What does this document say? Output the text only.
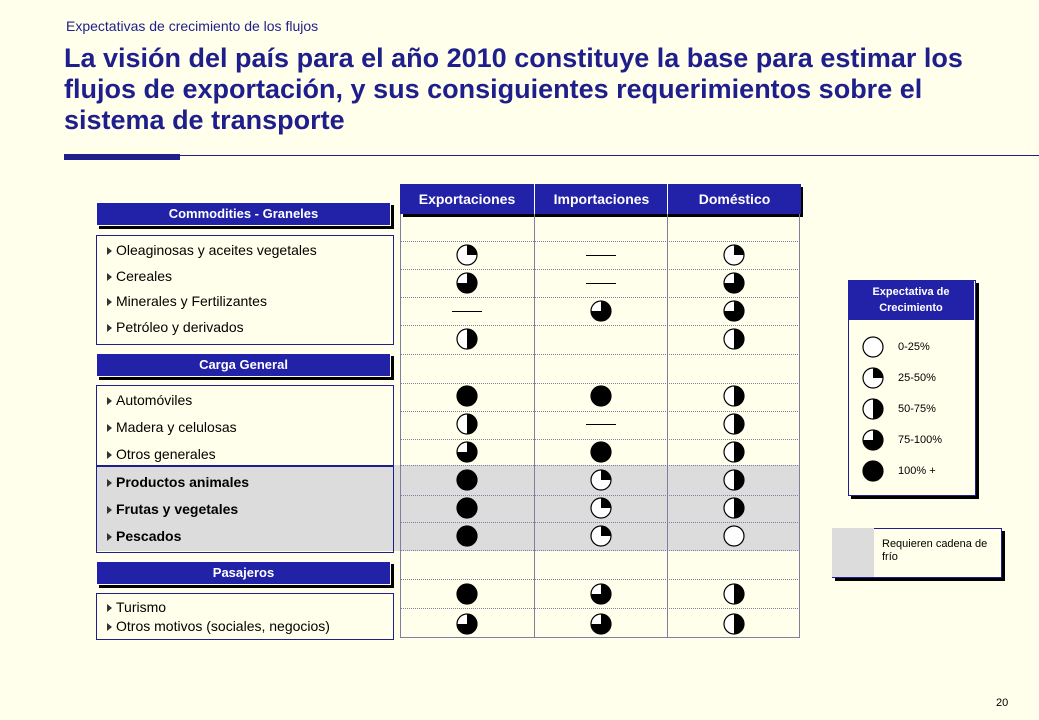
Expectativas de crecimiento de los flujos
La visión del país para el año 2010 constituye la base para estimar los flujos de exportación, y sus consiguientes requerimientos sobre el sistema de transporte
Commodities - Graneles
Carga General
Pasajeros
Oleaginosas y aceites vegetales
Cereales
Minerales y Fertilizantes
Petróleo y derivados
Automóviles
Madera y celulosas
Otros generales
Productos animales
Frutas y vegetales
Pescados
Turismo
Otros motivos (sociales, negocios)
Exportaciones	Importaciones	Doméstico
Expectativa de Crecimiento
0-25%
25-50%
50-75%
75-100%
100% +
Requieren cadena de frío
20
